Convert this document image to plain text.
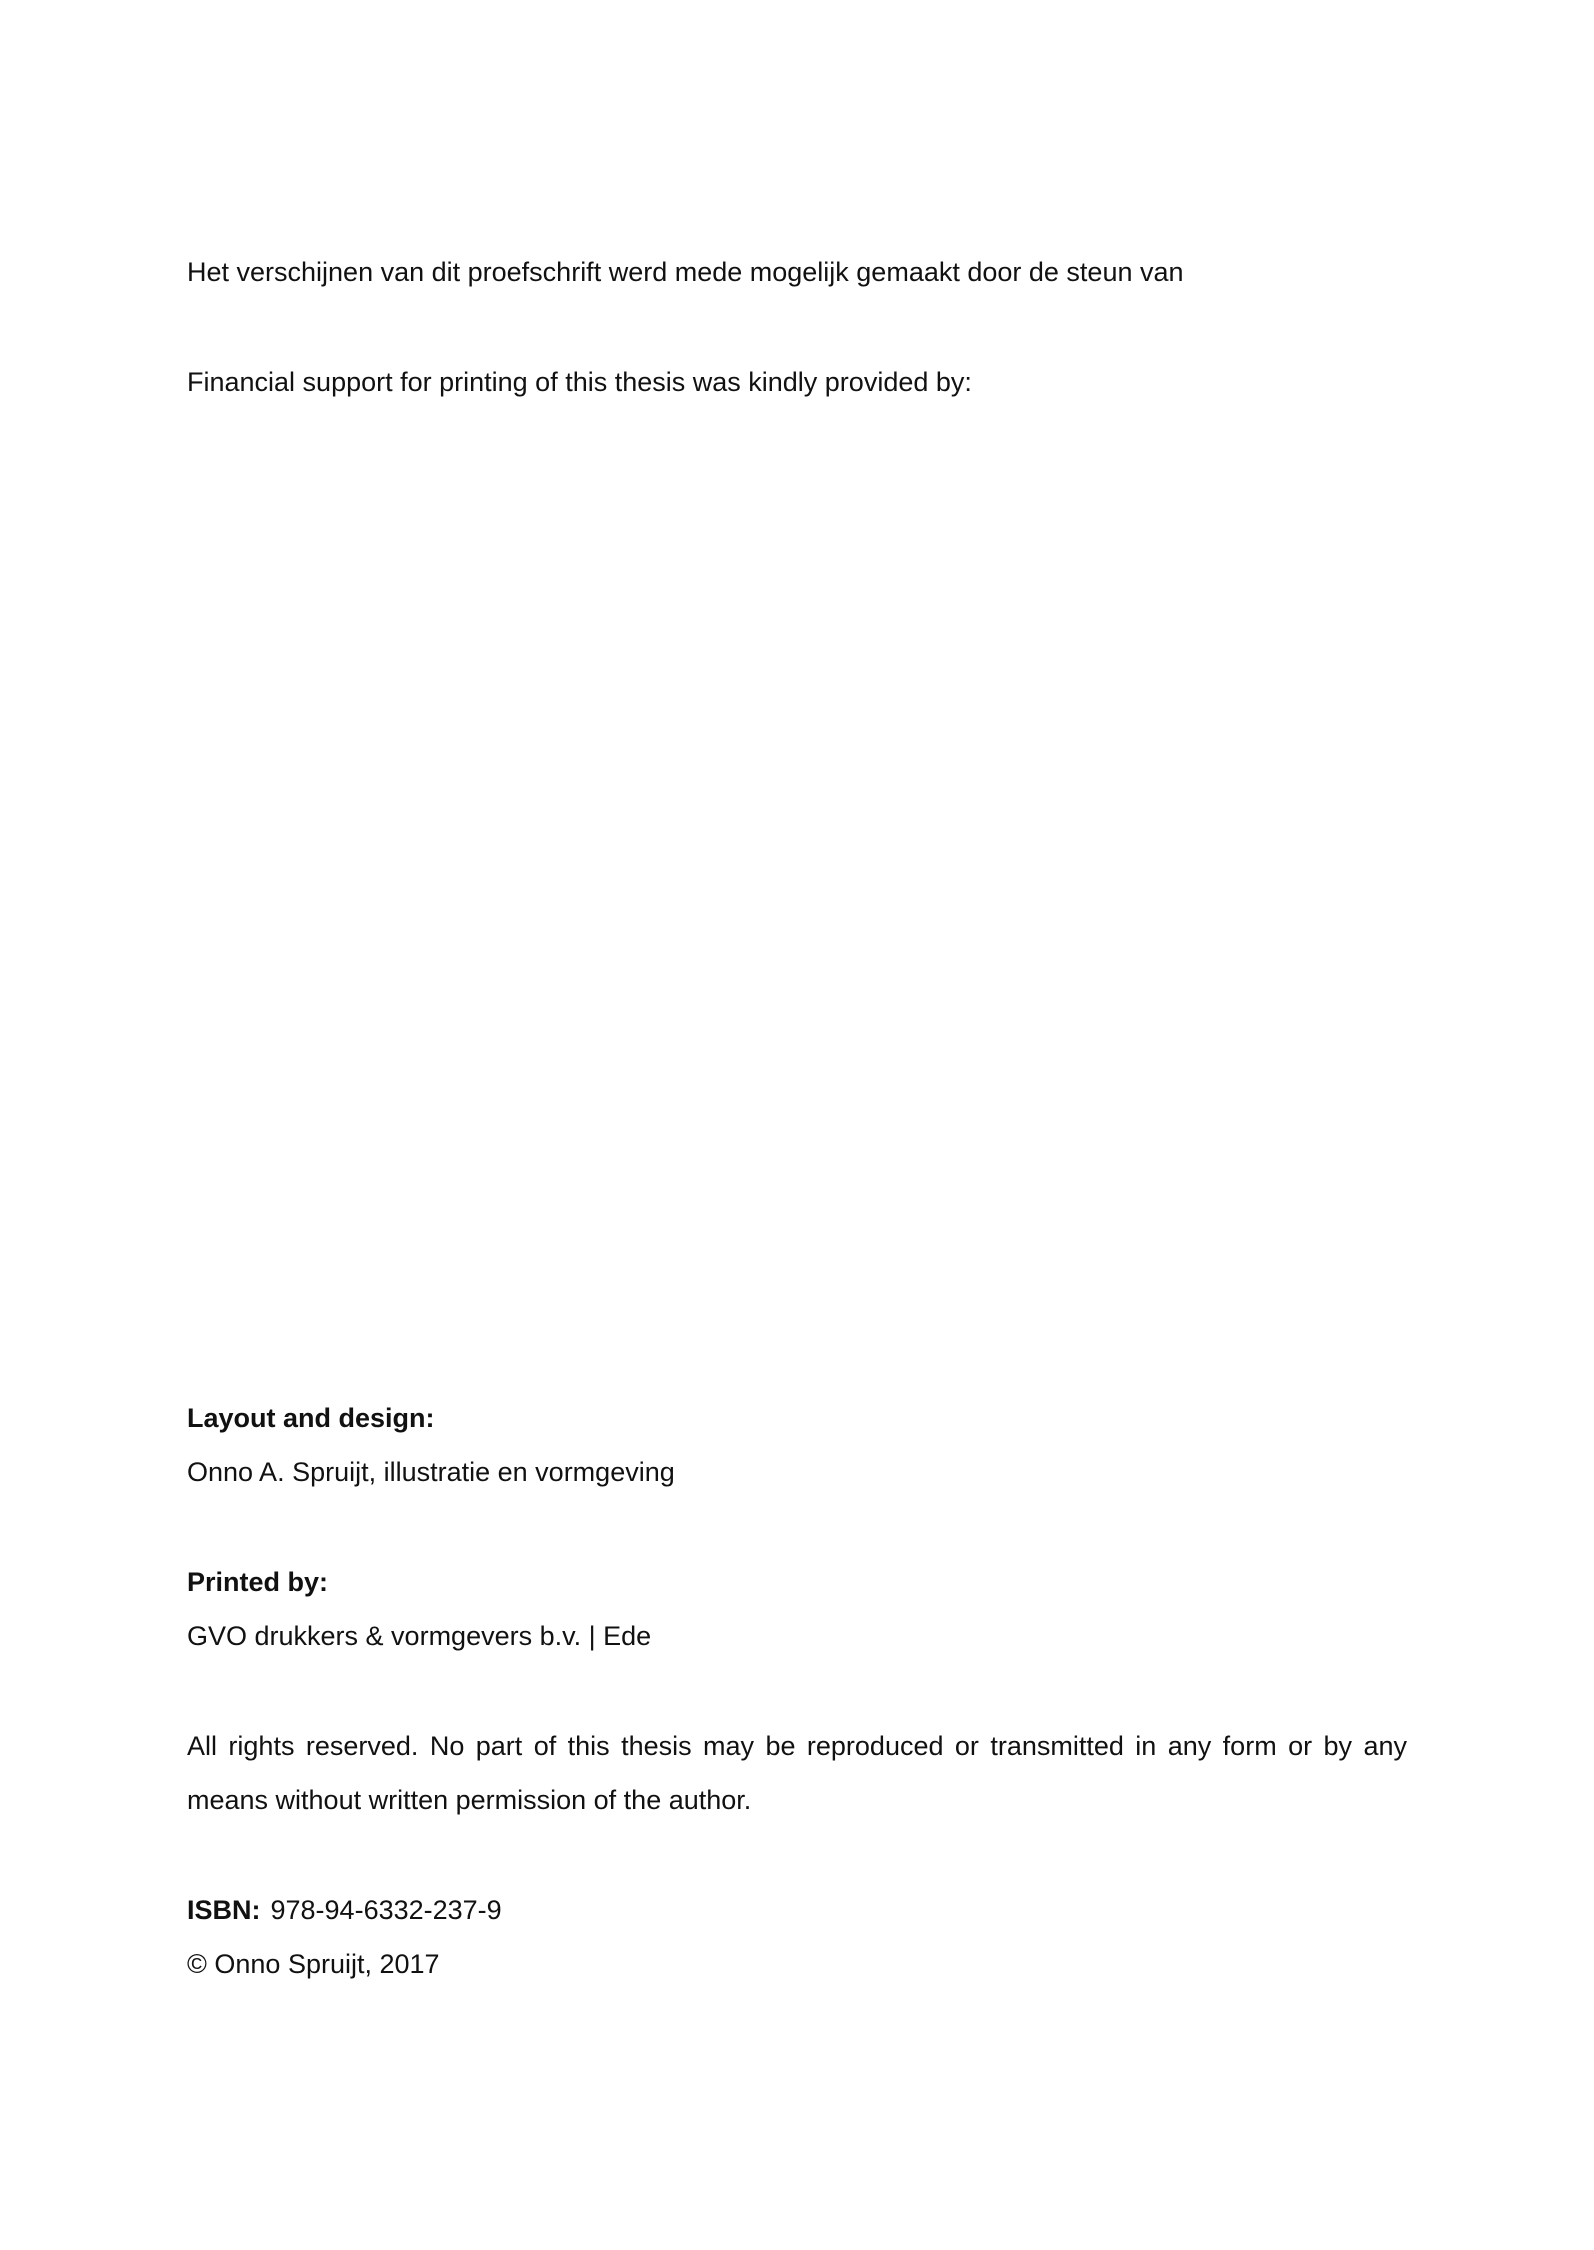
Het verschijnen van dit proefschrift werd mede mogelijk gemaakt door de steun van
Financial support for printing of this thesis was kindly provided by:
Layout and design:
Onno A. Spruijt, illustratie en vormgeving
Printed by:
GVO drukkers & vormgevers b.v. | Ede
All rights reserved. No part of this thesis may be reproduced or transmitted in any form or by any means without written permission of the author.
ISBN: 978-94-6332-237-9
© Onno Spruijt, 2017
